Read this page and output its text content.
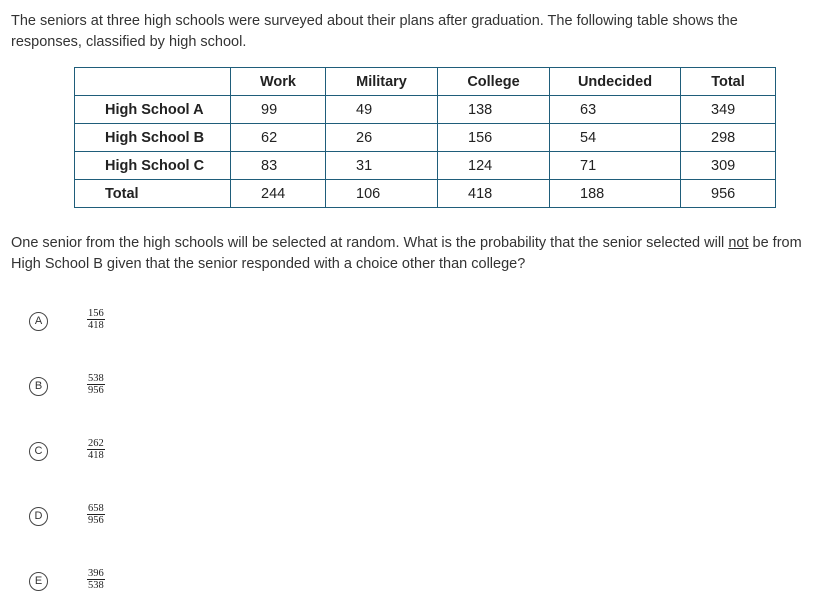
The seniors at three high schools were surveyed about their plans after graduation. The following table shows the responses, classified by high school.
	Work	Military	College	Undecided	Total
High School A	99	49	138	63	349
High School B	62	26	156	54	298
High School C	83	31	124	71	309
Total	244	106	418	188	956
One senior from the high schools will be selected at random. What is the probability that the senior selected will not be from High School B given that the senior responded with a choice other than college?
A	$\frac{156}{418}$
B	$\frac{538}{956}$
C	$\frac{262}{418}$
D	$\frac{658}{956}$
E	$\frac{396}{538}$
